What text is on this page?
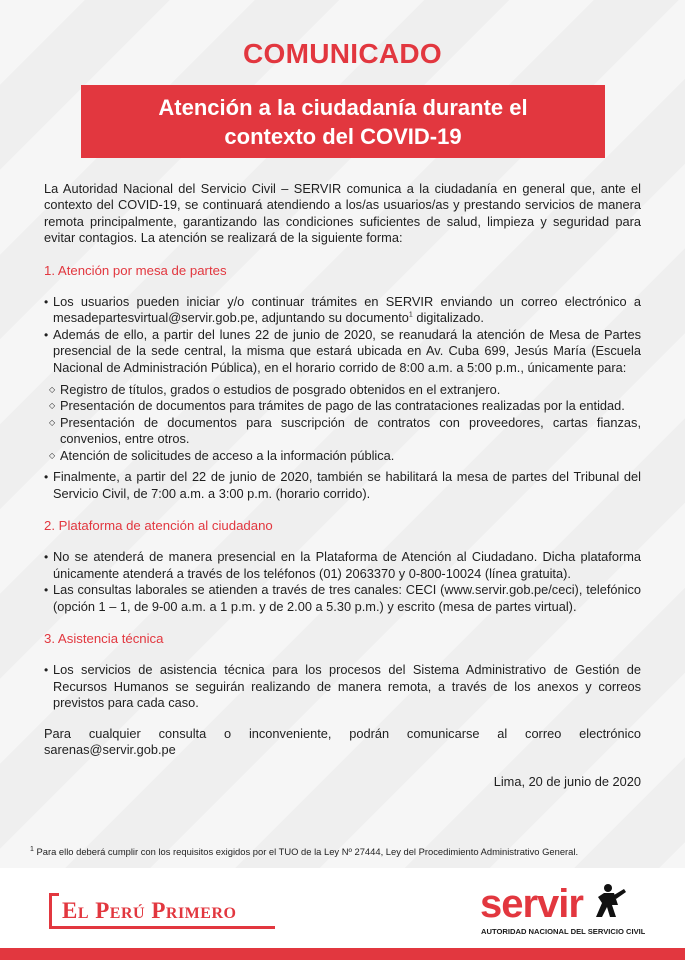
COMUNICADO
Atención a la ciudadanía durante el contexto del COVID-19

La Autoridad Nacional del Servicio Civil – SERVIR comunica a la ciudadanía en general que, ante el contexto del COVID-19, se continuará atendiendo a los/as usuarios/as y prestando servicios de manera remota principalmente, garantizando las condiciones suficientes de salud, limpieza y seguridad para evitar contagios. La atención se realizará de la siguiente forma:

1. Atención por mesa de partes

• Los usuarios pueden iniciar y/o continuar trámites en SERVIR enviando un correo electrónico a mesadepartesvirtual@servir.gob.pe, adjuntando su documento$^1$ digitalizado.
• Además de ello, a partir del lunes 22 de junio de 2020, se reanudará la atención de Mesa de Partes presencial de la sede central, la misma que estará ubicada en Av. Cuba 699, Jesús María (Escuela Nacional de Administración Pública), en el horario corrido de 8:00 a.m. a 5:00 p.m., únicamente para:
◇ Registro de títulos, grados o estudios de posgrado obtenidos en el extranjero.
◇ Presentación de documentos para trámites de pago de las contrataciones realizadas por la entidad.
◇ Presentación de documentos para suscripción de contratos con proveedores, cartas fianzas, convenios, entre otros.
◇ Atención de solicitudes de acceso a la información pública.
• Finalmente, a partir del 22 de junio de 2020, también se habilitará la mesa de partes del Tribunal del Servicio Civil, de 7:00 a.m. a 3:00 p.m. (horario corrido).

2. Plataforma de atención al ciudadano

• No se atenderá de manera presencial en la Plataforma de Atención al Ciudadano. Dicha plataforma únicamente atenderá a través de los teléfonos (01) 2063370 y 0-800-10024 (línea gratuita).
• Las consultas laborales se atienden a través de tres canales: CECI (www.servir.gob.pe/ceci), telefónico (opción 1 – 1, de 9-00 a.m. a 1 p.m. y de 2.00 a 5.30 p.m.) y escrito (mesa de partes virtual).

3. Asistencia técnica

• Los servicios de asistencia técnica para los procesos del Sistema Administrativo de Gestión de Recursos Humanos se seguirán realizando de manera remota, a través de los anexos y correos previstos para cada caso.

Para cualquier consulta o inconveniente, podrán comunicarse al correo electrónico sarenas@servir.gob.pe

Lima, 20 de junio de 2020

$^1$ Para ello deberá cumplir con los requisitos exigidos por el TUO de la Ley Nº 27444, Ley del Procedimiento Administrativo General.
El Perú Primero	servir
AUTORIDAD NACIONAL DEL SERVICIO CIVIL
